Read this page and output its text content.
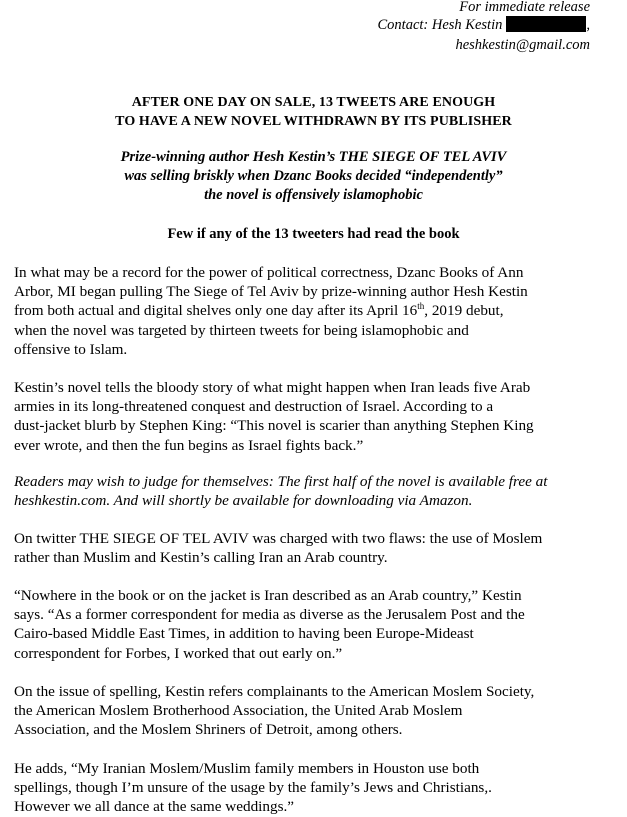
For immediate release
Contact: Hesh Kestin	,
heshkestin@gmail.com
AFTER ONE DAY ON SALE, 13 TWEETS ARE ENOUGH
TO HAVE A NEW NOVEL WITHDRAWN BY ITS PUBLISHER
Prize-winning author Hesh Kestin’s THE SIEGE OF TEL AVIV
was selling briskly when Dzanc Books decided “independently”
the novel is offensively islamophobic
Few if any of the 13 tweeters had read the book
In what may be a record for the power of political correctness, Dzanc Books of Ann
Arbor, MI began pulling The Siege of Tel Aviv by prize-winning author Hesh Kestin
from both actual and digital shelves only one day after its April 16th, 2019 debut,
when the novel was targeted by thirteen tweets for being islamophobic and
offensive to Islam.
Kestin’s novel tells the bloody story of what might happen when Iran leads five Arab
armies in its long-threatened conquest and destruction of Israel. According to a
dust-jacket blurb by Stephen King: “This novel is scarier than anything Stephen King
ever wrote, and then the fun begins as Israel fights back.”
Readers may wish to judge for themselves: The first half of the novel is available free at
heshkestin.com. And will shortly be available for downloading via Amazon.
On twitter THE SIEGE OF TEL AVIV was charged with two flaws: the use of Moslem
rather than Muslim and Kestin’s calling Iran an Arab country.
“Nowhere in the book or on the jacket is Iran described as an Arab country,” Kestin
says. “As a former correspondent for media as diverse as the Jerusalem Post and the
Cairo-based Middle East Times, in addition to having been Europe-Mideast
correspondent for Forbes, I worked that out early on.”
On the issue of spelling, Kestin refers complainants to the American Moslem Society,
the American Moslem Brotherhood Association, the United Arab Moslem
Association, and the Moslem Shriners of Detroit, among others.
He adds, “My Iranian Moslem/Muslim family members in Houston use both
spellings, though I’m unsure of the usage by the family’s Jews and Christians,.
However we all dance at the same weddings.”
